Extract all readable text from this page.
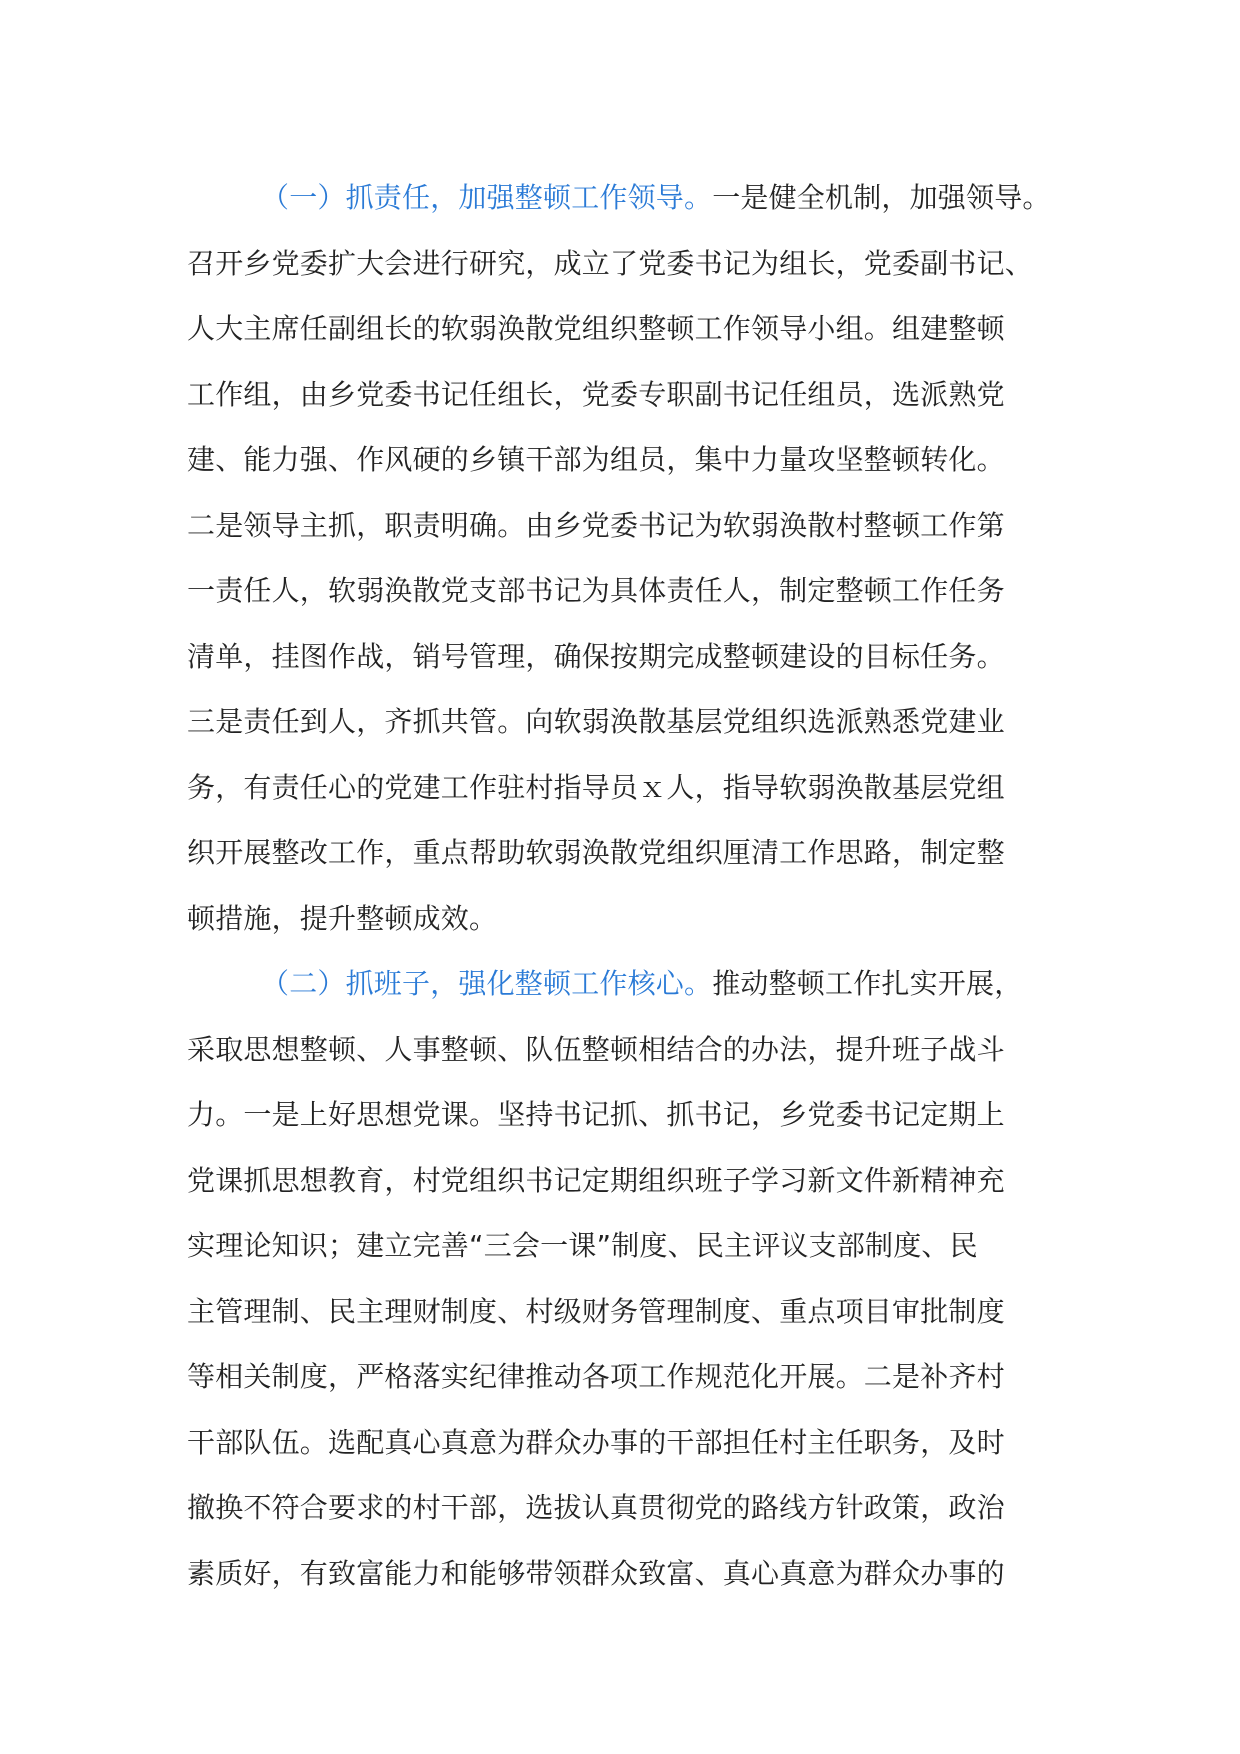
（一）抓责任，加强整顿工作领导。一是健全机制，加强领导。
召开乡党委扩大会进行研究，成立了党委书记为组长，党委副书记、
人大主席任副组长的软弱涣散党组织整顿工作领导小组。组建整顿
工作组，由乡党委书记任组长，党委专职副书记任组员，选派熟党
建、能力强、作风硬的乡镇干部为组员，集中力量攻坚整顿转化。
二是领导主抓，职责明确。由乡党委书记为软弱涣散村整顿工作第
一责任人，软弱涣散党支部书记为具体责任人，制定整顿工作任务
清单，挂图作战，销号管理，确保按期完成整顿建设的目标任务。
三是责任到人，齐抓共管。向软弱涣散基层党组织选派熟悉党建业
务，有责任心的党建工作驻村指导员ｘ人，指导软弱涣散基层党组
织开展整改工作，重点帮助软弱涣散党组织厘清工作思路，制定整
顿措施，提升整顿成效。
（二）抓班子，强化整顿工作核心。推动整顿工作扎实开展，
采取思想整顿、人事整顿、队伍整顿相结合的办法，提升班子战斗
力。一是上好思想党课。坚持书记抓、抓书记，乡党委书记定期上
党课抓思想教育，村党组织书记定期组织班子学习新文件新精神充
实理论知识；建立完善“三会一课”制度、民主评议支部制度、民
主管理制、民主理财制度、村级财务管理制度、重点项目审批制度
等相关制度，严格落实纪律推动各项工作规范化开展。二是补齐村
干部队伍。选配真心真意为群众办事的干部担任村主任职务，及时
撤换不符合要求的村干部，选拔认真贯彻党的路线方针政策，政治
素质好，有致富能力和能够带领群众致富、真心真意为群众办事的
